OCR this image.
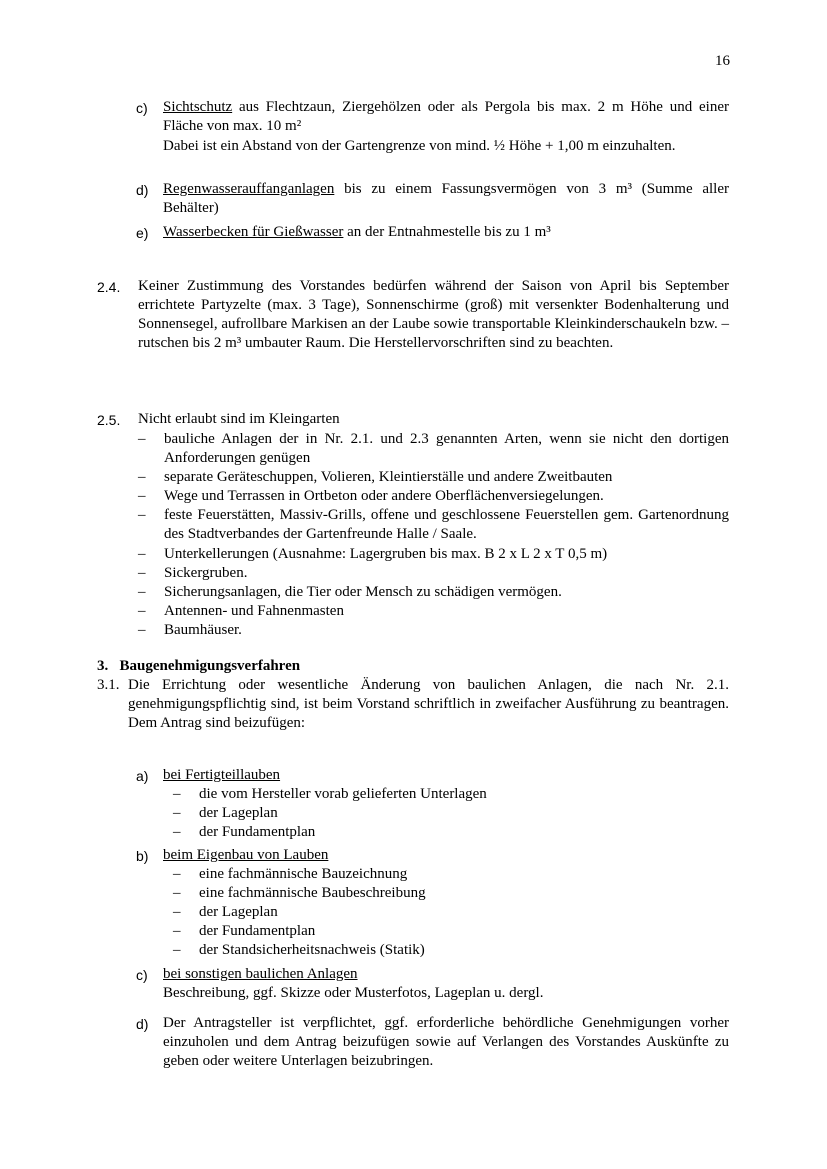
16
c) Sichtschutz aus Flechtzaun, Ziergehölzen oder als Pergola bis max. 2 m Höhe und einer Fläche von max. 10 m²
Dabei ist ein Abstand von der Gartengrenze von mind. ½ Höhe + 1,00 m einzuhalten.
d) Regenwasserauffanganlagen bis zu einem Fassungsvermögen von 3 m³ (Summe aller Behälter)
e) Wasserbecken für Gießwasser an der Entnahmestelle bis zu 1 m³
2.4. Keiner Zustimmung des Vorstandes bedürfen während der Saison von April bis September errichtete Partyzelte (max. 3 Tage), Sonnenschirme (groß) mit versenkter Bodenhalterung und Sonnensegel, aufrollbare Markisen an der Laube sowie transportable Kleinkinderschaukeln bzw. –rutschen bis 2 m³ umbauter Raum. Die Herstellervorschriften sind zu beachten.
2.5. Nicht erlaubt sind im Kleingarten
– bauliche Anlagen der in Nr. 2.1. und 2.3 genannten Arten, wenn sie nicht den dortigen Anforderungen genügen
– separate Geräteschuppen, Volieren, Kleintierställe und andere Zweitbauten
– Wege und Terrassen in Ortbeton oder andere Oberflächenversiegelungen.
– feste Feuerstätten, Massiv-Grills, offene und geschlossene Feuerstellen gem. Gartenordnung des Stadtverbandes der Gartenfreunde Halle / Saale.
– Unterkellerungen (Ausnahme: Lagergruben bis max. B 2 x L 2 x T 0,5 m)
– Sickergruben.
– Sicherungsanlagen, die Tier oder Mensch zu schädigen vermögen.
– Antennen- und Fahnenmasten
– Baumhäuser.
3.   Baugenehmigungsverfahren
3.1. Die Errichtung oder wesentliche Änderung von baulichen Anlagen, die nach Nr. 2.1. genehmigungspflichtig sind, ist beim Vorstand schriftlich in zweifacher Ausführung zu beantragen. Dem Antrag sind beizufügen:
a) bei Fertigteillauben
– die vom Hersteller vorab gelieferten Unterlagen
– der Lageplan
– der Fundamentplan
b) beim Eigenbau von Lauben
– eine fachmännische Bauzeichnung
– eine fachmännische Baubeschreibung
– der Lageplan
– der Fundamentplan
– der Standsicherheitsnachweis (Statik)
c) bei sonstigen baulichen Anlagen
Beschreibung, ggf. Skizze oder Musterfotos, Lageplan u. dergl.
d) Der Antragsteller ist verpflichtet, ggf. erforderliche behördliche Genehmigungen vorher einzuholen und dem Antrag beizufügen sowie auf Verlangen des Vorstandes Auskünfte zu geben oder weitere Unterlagen beizubringen.
